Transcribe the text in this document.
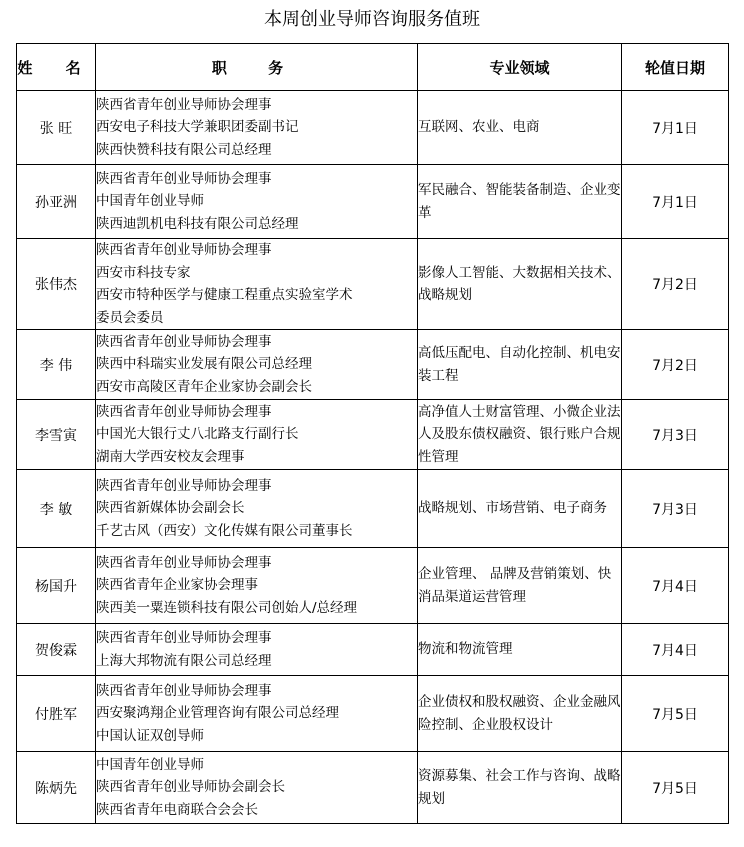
本周创业导师咨询服务值班
姓 名	职 务	专业领域	轮值日期
张 旺	陕西省青年创业导师协会理事
西安电子科技大学兼职团委副书记
陕西快赞科技有限公司总经理	互联网、农业、电商	7月1日
孙亚洲	陕西省青年创业导师协会理事
中国青年创业导师
陕西迪凯机电科技有限公司总经理	军民融合、智能装备制造、企业变革	7月1日
张伟杰	陕西省青年创业导师协会理事
西安市科技专家
西安市特种医学与健康工程重点实验室学术
委员会委员	影像人工智能、大数据相关技术、战略规划	7月2日
李 伟	陕西省青年创业导师协会理事
陕西中科瑞实业发展有限公司总经理
西安市高陵区青年企业家协会副会长	高低压配电、自动化控制、机电安装工程	7月2日
李雪寅	陕西省青年创业导师协会理事
中国光大银行丈八北路支行副行长
湖南大学西安校友会理事	高净值人士财富管理、小微企业法人及股东债权融资、银行账户合规性管理	7月3日
李 敏	陕西省青年创业导师协会理事
陕西省新媒体协会副会长
千艺古风（西安）文化传媒有限公司董事长	战略规划、市场营销、电子商务	7月3日
杨国升	陕西省青年创业导师协会理事
陕西省青年企业家协会理事
陕西美一粟连锁科技有限公司创始人/总经理	企业管理、 品牌及营销策划、快消品渠道运营管理	7月4日
贺俊霖	陕西省青年创业导师协会理事
上海大邦物流有限公司总经理	物流和物流管理	7月4日
付胜军	陕西省青年创业导师协会理事
西安聚鸿翔企业管理咨询有限公司总经理
中国认证双创导师	企业债权和股权融资、企业金融风险控制、企业股权设计	7月5日
陈炳先	中国青年创业导师
陕西省青年创业导师协会副会长
陕西省青年电商联合会会长	资源募集、社会工作与咨询、战略规划	7月5日
